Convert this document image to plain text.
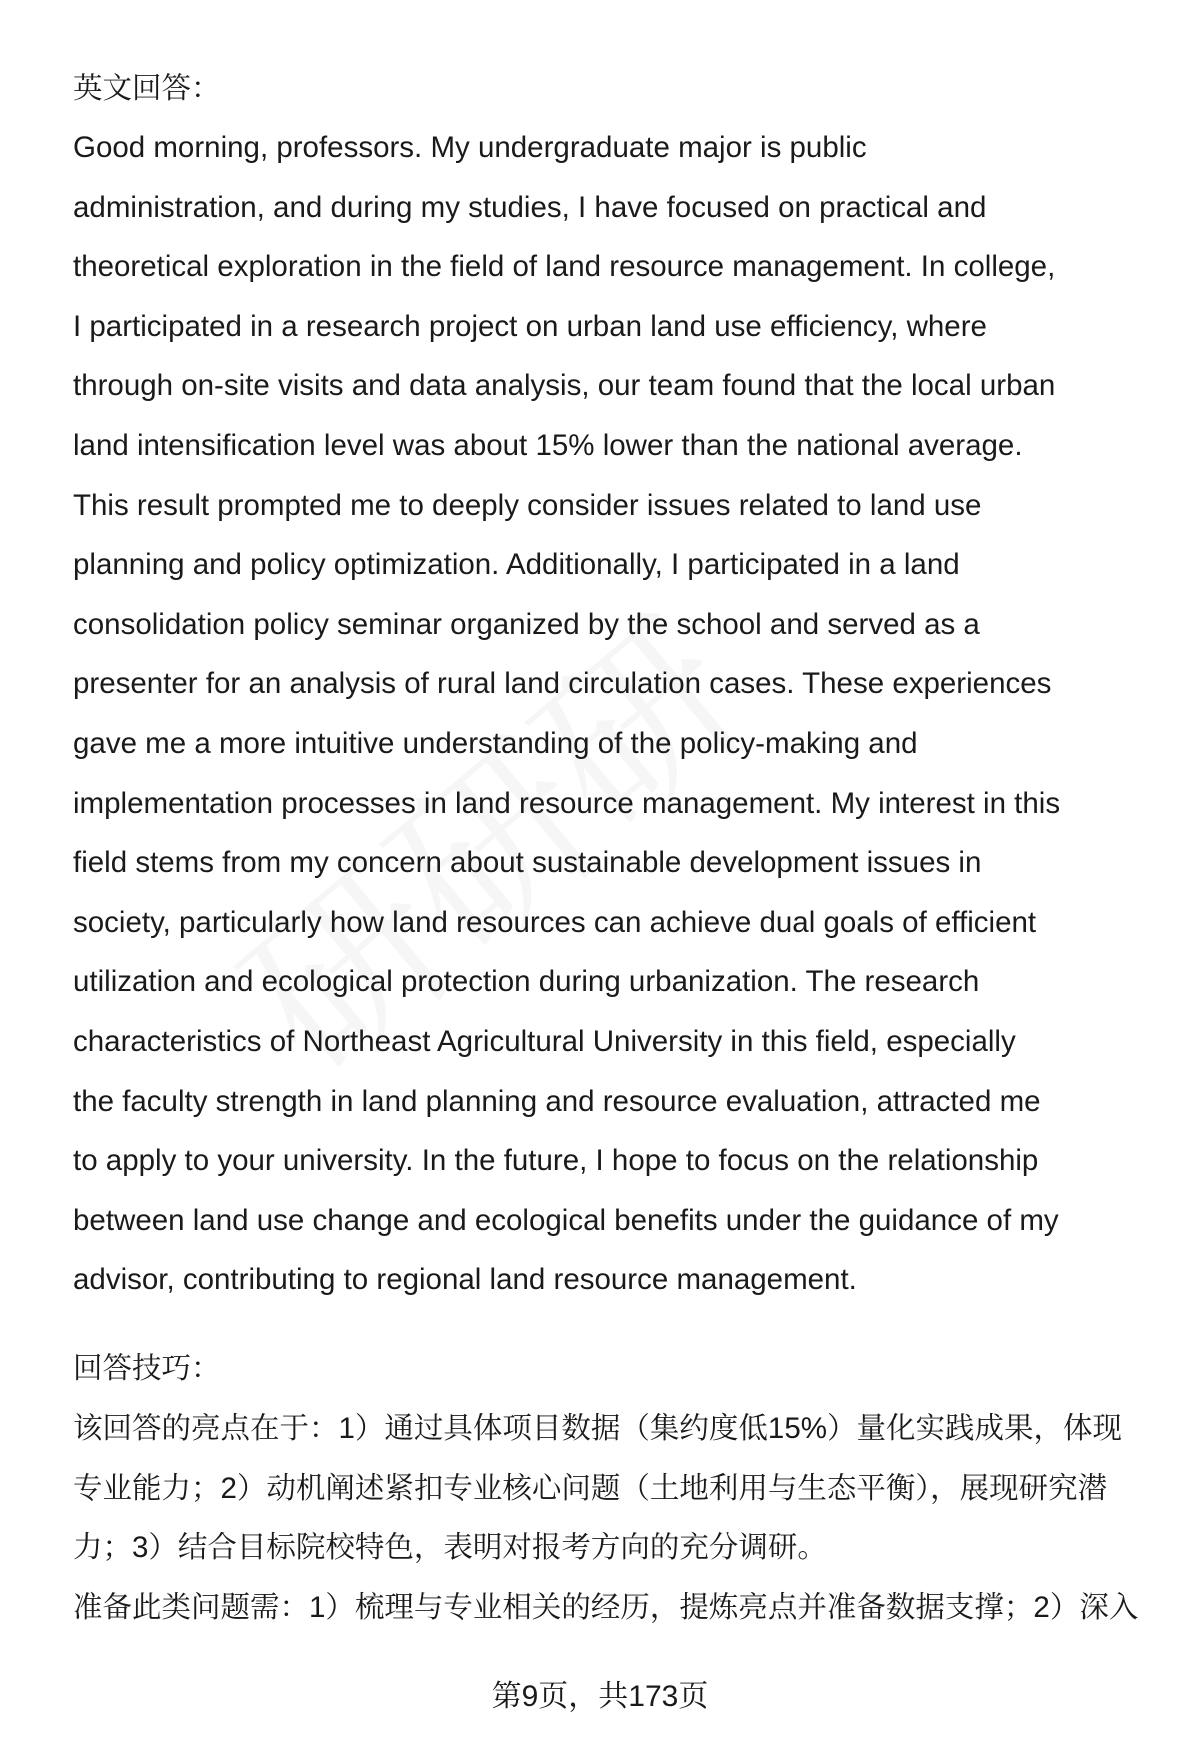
英文回答：
Good morning, professors. My undergraduate major is public
administration, and during my studies, I have focused on practical and
theoretical exploration in the field of land resource management. In college,
I participated in a research project on urban land use efficiency, where
through on-site visits and data analysis, our team found that the local urban
land intensification level was about 15% lower than the national average.
This result prompted me to deeply consider issues related to land use
planning and policy optimization. Additionally, I participated in a land
consolidation policy seminar organized by the school and served as a
presenter for an analysis of rural land circulation cases. These experiences
gave me a more intuitive understanding of the policy-making and
implementation processes in land resource management. My interest in this
field stems from my concern about sustainable development issues in
society, particularly how land resources can achieve dual goals of efficient
utilization and ecological protection during urbanization. The research
characteristics of Northeast Agricultural University in this field, especially
the faculty strength in land planning and resource evaluation, attracted me
to apply to your university. In the future, I hope to focus on the relationship
between land use change and ecological benefits under the guidance of my
advisor, contributing to regional land resource management.
回答技巧：
该回答的亮点在于：1）通过具体项目数据（集约度低15%）量化实践成果，体现
专业能力；2）动机阐述紧扣专业核心问题（土地利用与生态平衡），展现研究潜
力；3）结合目标院校特色，表明对报考方向的充分调研。
准备此类问题需：1）梳理与专业相关的经历，提炼亮点并准备数据支撑；2）深入
第9页，共173页
